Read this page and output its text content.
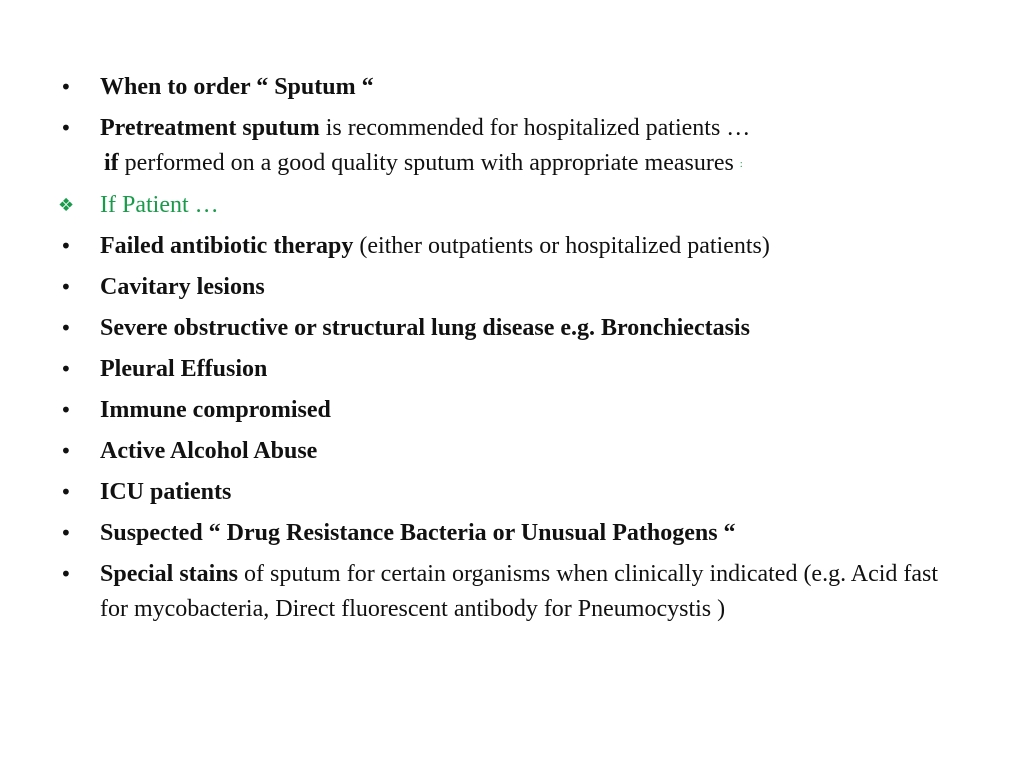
•	When to order “ Sputum “
•	Pretreatment sputum is recommended for hospitalized patients …
if performed on a good quality sputum with appropriate measures :
❖	If Patient …
•	Failed antibiotic therapy (either outpatients or hospitalized patients)
•	Cavitary lesions
•	Severe obstructive or structural lung disease e.g. Bronchiectasis
•	Pleural Effusion
•	Immune compromised
•	Active Alcohol Abuse
•	ICU patients
•	Suspected “ Drug Resistance Bacteria or Unusual Pathogens “
•	Special stains of sputum for certain organisms when clinically indicated (e.g. Acid fast for mycobacteria, Direct fluorescent antibody for Pneumocystis )
